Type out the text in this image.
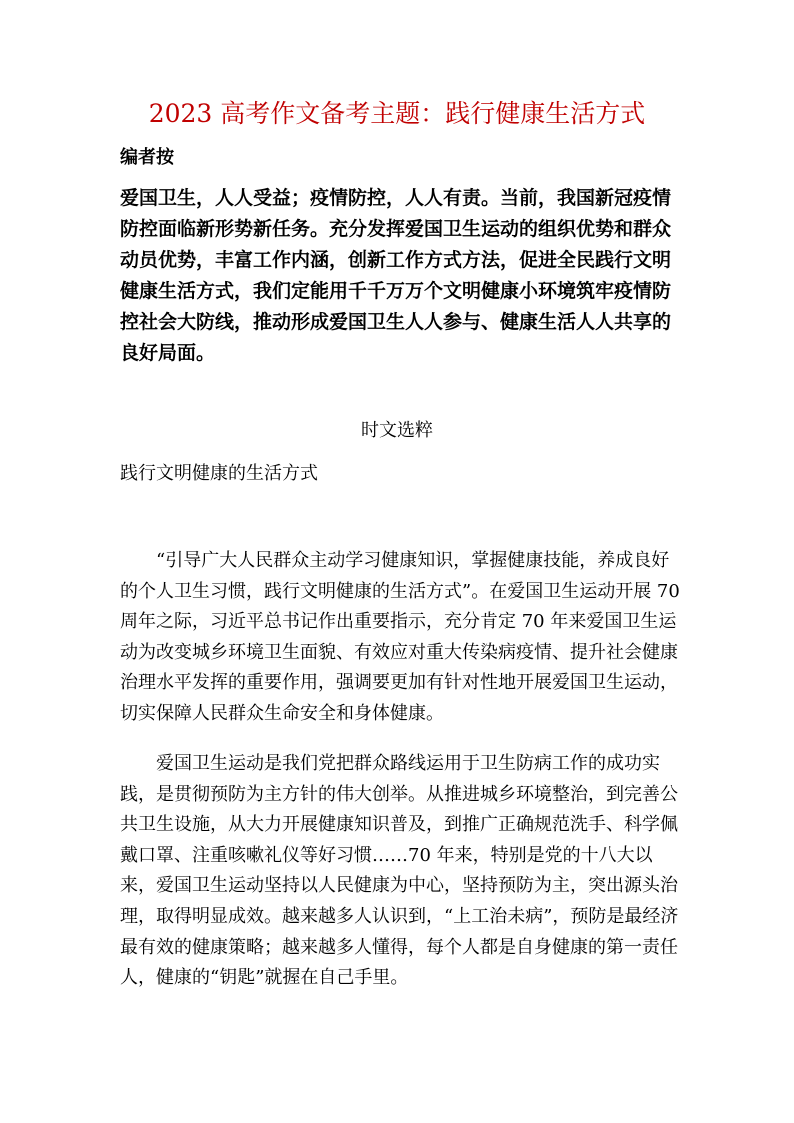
2023 高考作文备考主题：践行健康生活方式
编者按

爱国卫生，人人受益；疫情防控，人人有责。当前，我国新冠疫情防控面临新形势新任务。充分发挥爱国卫生运动的组织优势和群众动员优势，丰富工作内涵，创新工作方式方法，促进全民践行文明健康生活方式，我们定能用千千万万个文明健康小环境筑牢疫情防控社会大防线，推动形成爱国卫生人人参与、健康生活人人共享的良好局面。

时文选粹
践行文明健康的生活方式

“引导广大人民群众主动学习健康知识，掌握健康技能，养成良好的个人卫生习惯，践行文明健康的生活方式”。在爱国卫生运动开展 70 周年之际，习近平总书记作出重要指示，充分肯定 70 年来爱国卫生运动为改变城乡环境卫生面貌、有效应对重大传染病疫情、提升社会健康治理水平发挥的重要作用，强调要更加有针对性地开展爱国卫生运动，切实保障人民群众生命安全和身体健康。

爱国卫生运动是我们党把群众路线运用于卫生防病工作的成功实践，是贯彻预防为主方针的伟大创举。从推进城乡环境整治，到完善公共卫生设施，从大力开展健康知识普及，到推广正确规范洗手、科学佩戴口罩、注重咳嗽礼仪等好习惯……70 年来，特别是党的十八大以来，爱国卫生运动坚持以人民健康为中心，坚持预防为主，突出源头治理，取得明显成效。越来越多人认识到，“上工治未病”，预防是最经济最有效的健康策略；越来越多人懂得，每个人都是自身健康的第一责任人，健康的“钥匙”就握在自己手里。
